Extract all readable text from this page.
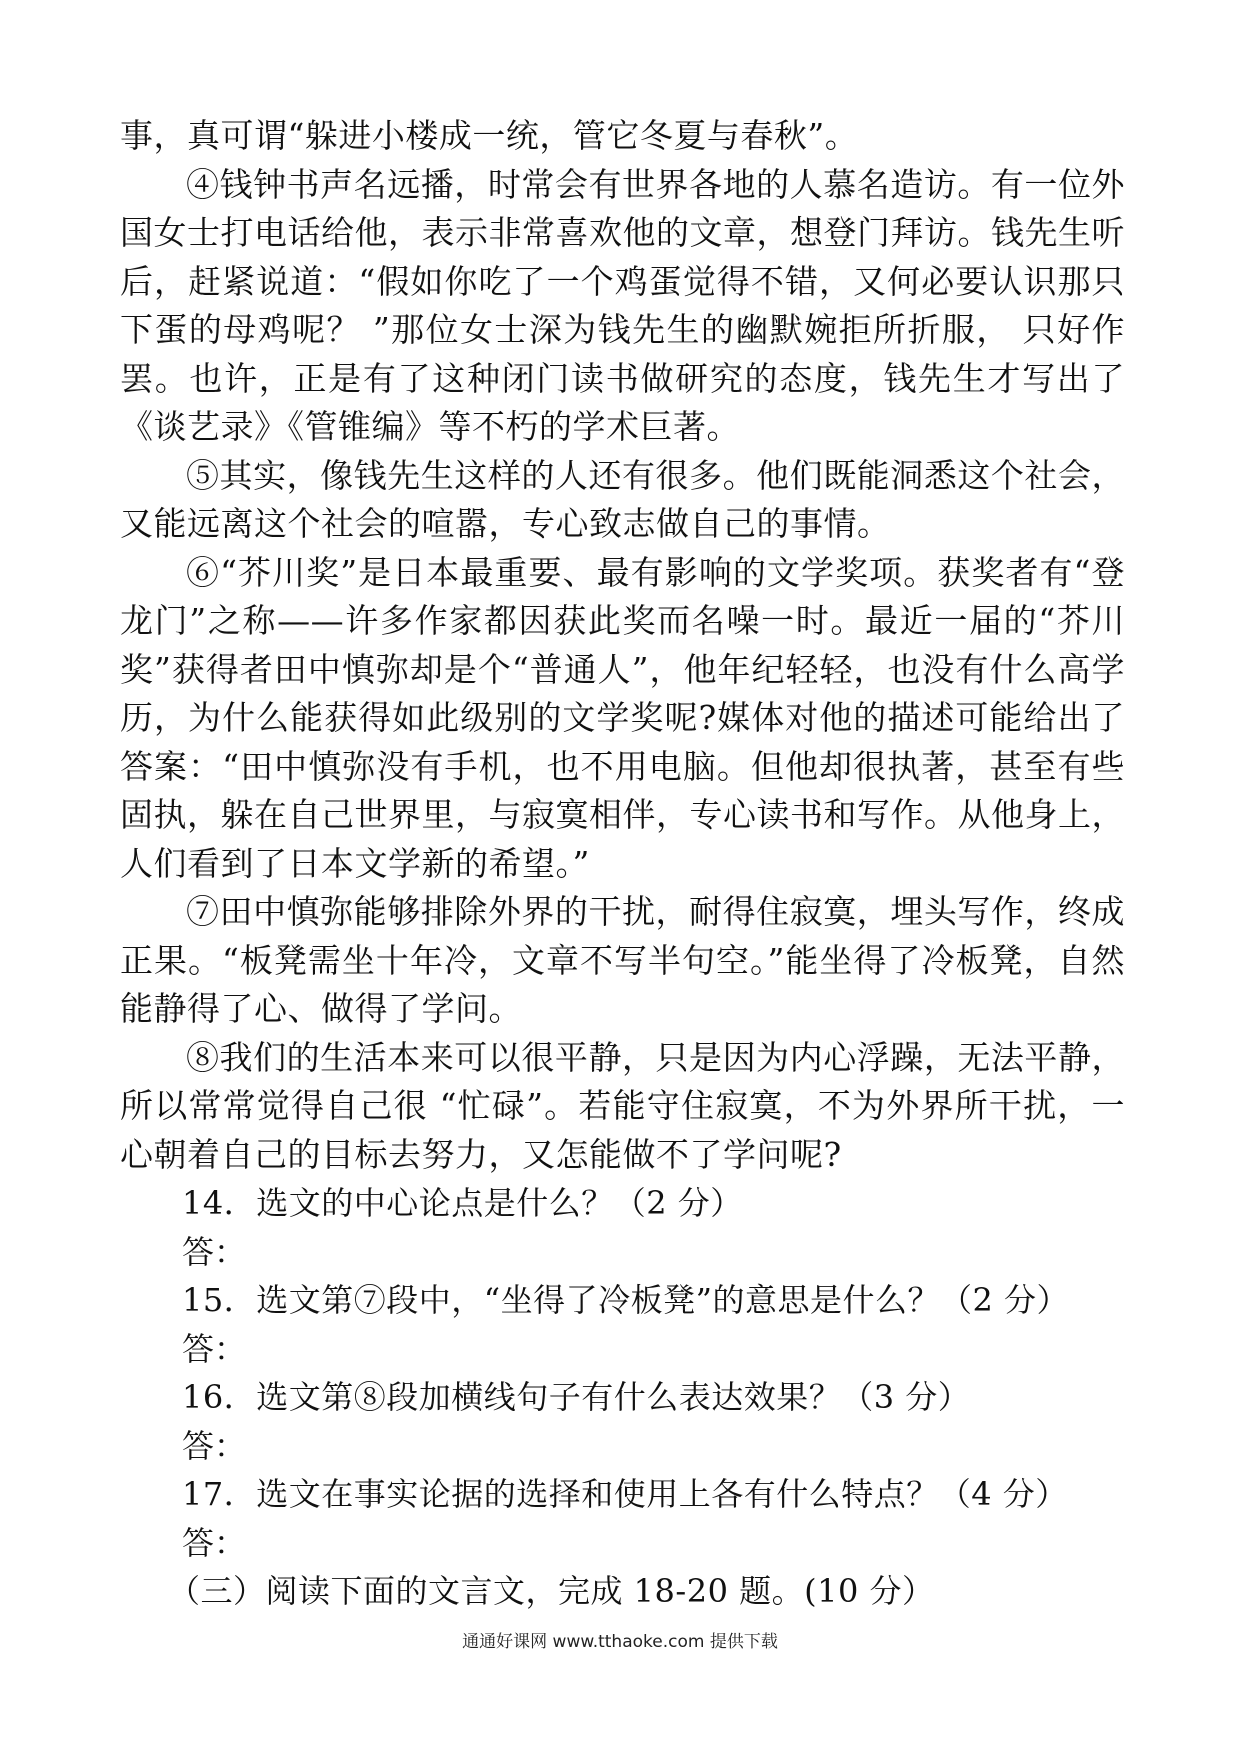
事，真可谓“躲进小楼成一统，管它冬夏与春秋”。

④钱钟书声名远播，时常会有世界各地的人慕名造访。有一位外国女士打电话给他，表示非常喜欢他的文章，想登门拜访。钱先生听后，赶紧说道：“假如你吃了一个鸡蛋觉得不错，又何必要认识那只下蛋的母鸡呢？ ”那位女士深为钱先生的幽默婉拒所折服， 只好作罢。也许，正是有了这种闭门读书做研究的态度，钱先生才写出了《谈艺录》《管锥编》等不朽的学术巨著。

⑤其实，像钱先生这样的人还有很多。他们既能洞悉这个社会，又能远离这个社会的喧嚣，专心致志做自己的事情。

⑥“芥川奖”是日本最重要、最有影响的文学奖项。获奖者有“登龙门”之称——许多作家都因获此奖而名噪一时。最近一届的“芥川奖”获得者田中慎弥却是个“普通人”，他年纪轻轻，也没有什么高学历，为什么能获得如此级别的文学奖呢?媒体对他的描述可能给出了答案：“田中慎弥没有手机，也不用电脑。但他却很执著，甚至有些固执，躲在自己世界里，与寂寞相伴，专心读书和写作。从他身上，人们看到了日本文学新的希望。”

⑦田中慎弥能够排除外界的干扰，耐得住寂寞，埋头写作，终成正果。“板凳需坐十年冷，文章不写半句空。”能坐得了冷板凳，自然能静得了心、做得了学问。

⑧我们的生活本来可以很平静，只是因为内心浮躁，无法平静，所以常常觉得自己很 “忙碌”。若能守住寂寞，不为外界所干扰，一心朝着自己的目标去努力，又怎能做不了学问呢?

14．选文的中心论点是什么？（2 分）

答：

15．选文第⑦段中，“坐得了冷板凳”的意思是什么？（2 分）

答：

16．选文第⑧段加横线句子有什么表达效果？（3 分）

答：

17．选文在事实论据的选择和使用上各有什么特点？（4 分）

答：

（三）阅读下面的文言文，完成 18-20 题。(10 分）

通通好课网 www.tthaoke.com 提供下载
